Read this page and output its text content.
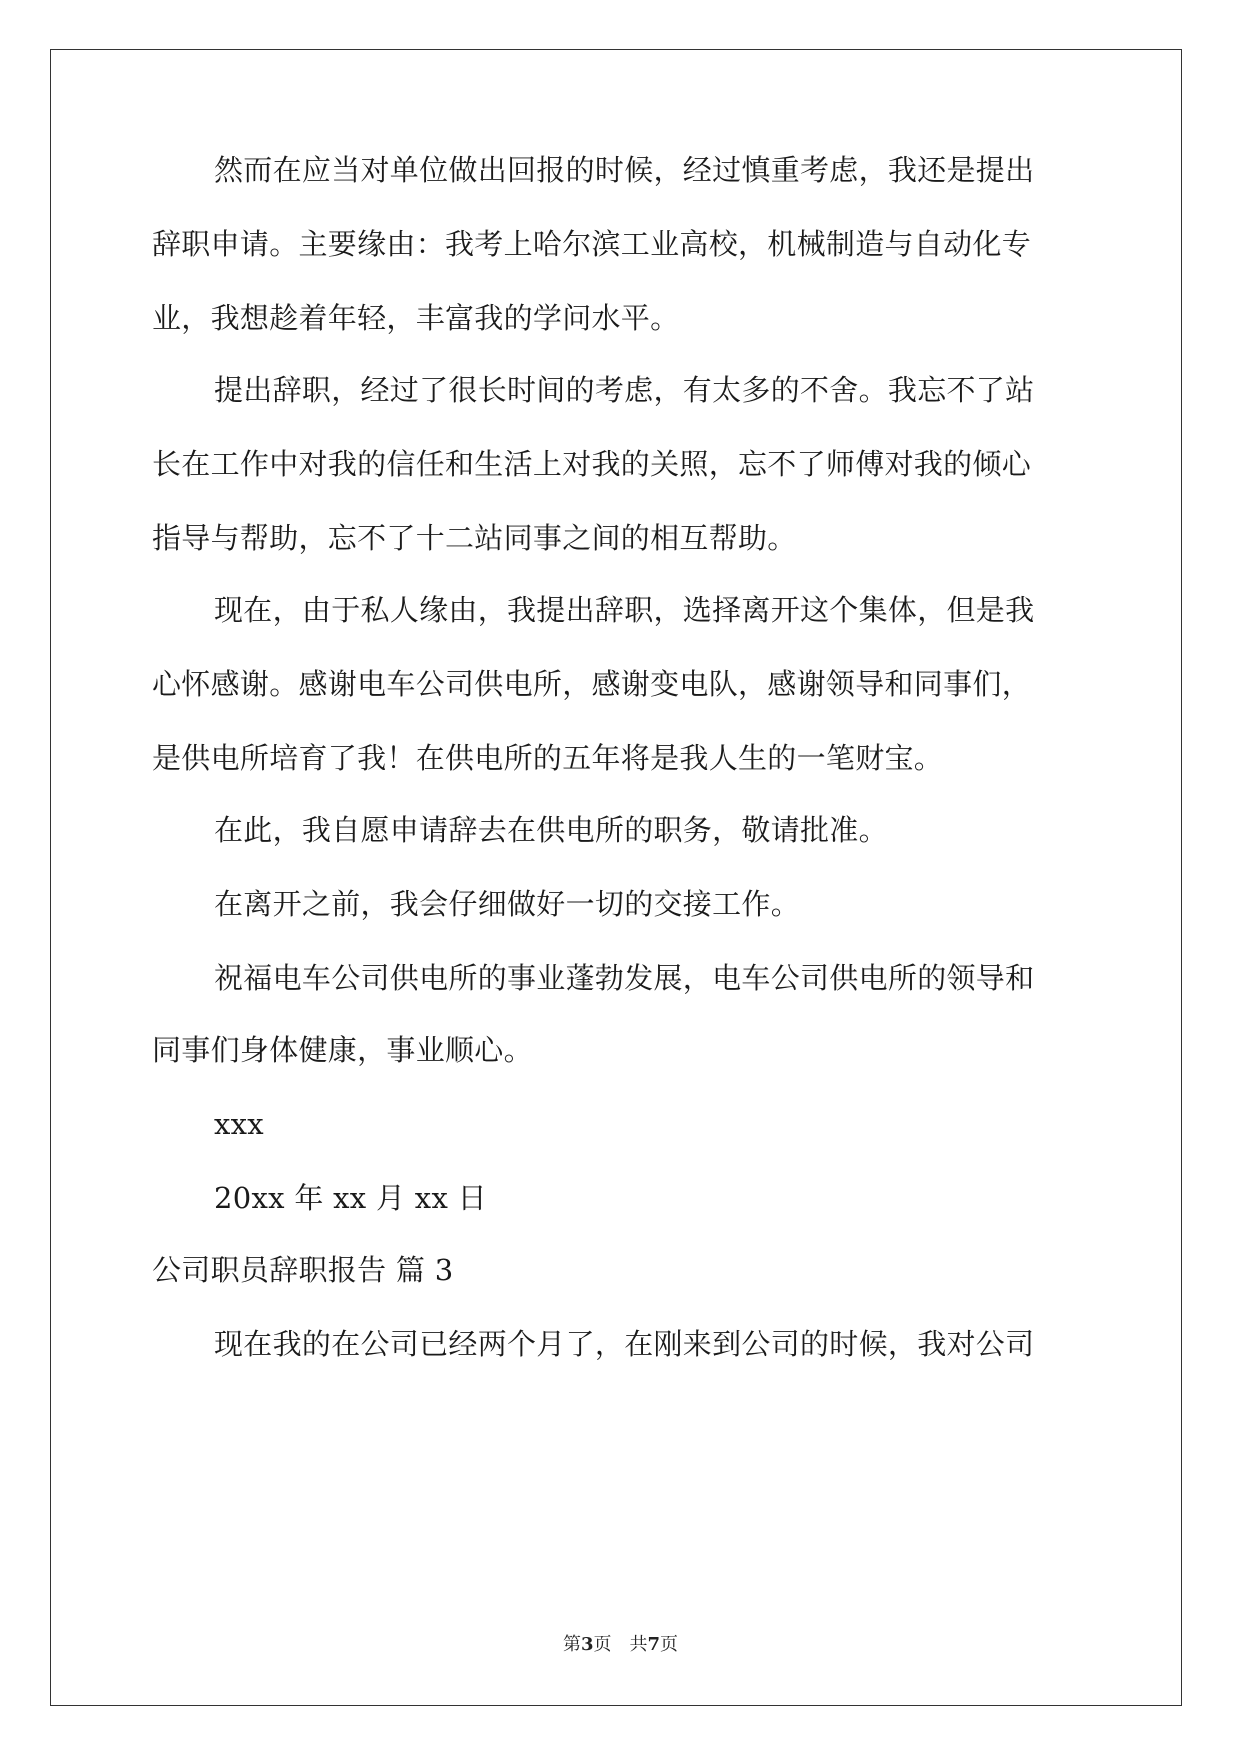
然而在应当对单位做出回报的时候，经过慎重考虑，我还是提出
辞职申请。主要缘由：我考上哈尔滨工业高校，机械制造与自动化专
业，我想趁着年轻，丰富我的学问水平。
提出辞职，经过了很长时间的考虑，有太多的不舍。我忘不了站
长在工作中对我的信任和生活上对我的关照，忘不了师傅对我的倾心
指导与帮助，忘不了十二站同事之间的相互帮助。
现在，由于私人缘由，我提出辞职，选择离开这个集体，但是我
心怀感谢。感谢电车公司供电所，感谢变电队，感谢领导和同事们，
是供电所培育了我！在供电所的五年将是我人生的一笔财宝。
在此，我自愿申请辞去在供电所的职务，敬请批准。
在离开之前，我会仔细做好一切的交接工作。
祝福电车公司供电所的事业蓬勃发展，电车公司供电所的领导和
同事们身体健康，事业顺心。
xxx
20xx 年 xx 月 xx 日
公司职员辞职报告 篇 3
现在我的在公司已经两个月了，在刚来到公司的时候，我对公司
第3页 共7页
